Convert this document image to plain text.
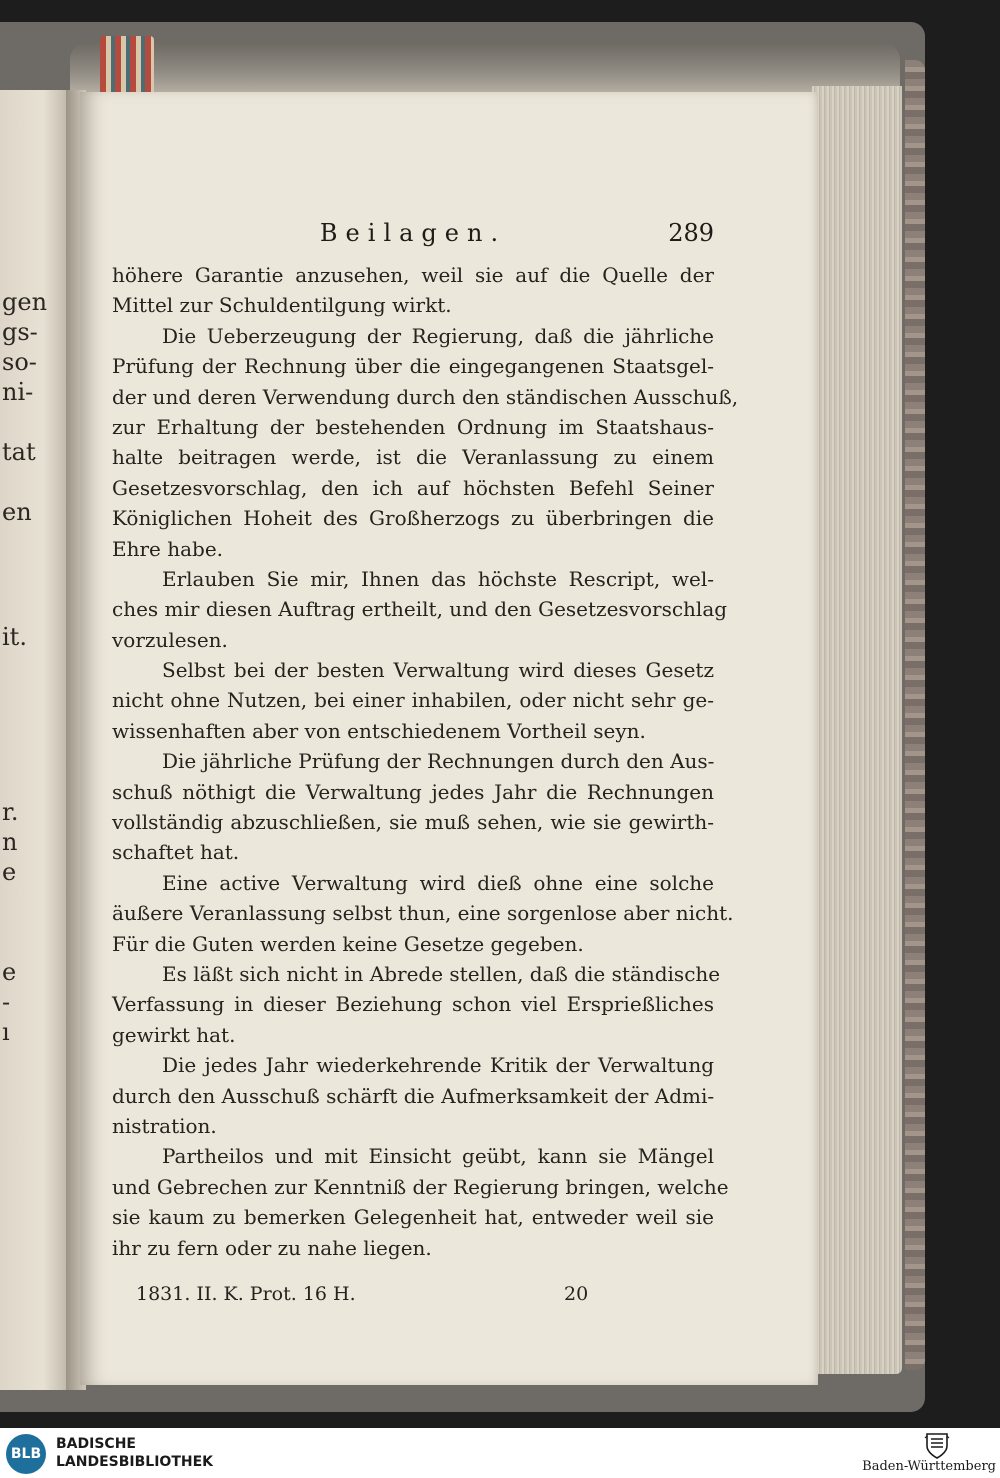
gen

gs-

so-

ni-

tat

en

it.

r.

n

e

e

-

ı

Beilagen.	289

höhere Garantie anzusehen, weil sie auf die Quelle der

Mittel zur Schuldentilgung wirkt.

Die Ueberzeugung der Regierung, daß die jährliche

Prüfung der Rechnung über die eingegangenen Staatsgel-

der und deren Verwendung durch den ständischen Ausschuß,

zur Erhaltung der bestehenden Ordnung im Staatshaus-

halte beitragen werde, ist die Veranlassung zu einem

Gesetzesvorschlag, den ich auf höchsten Befehl Seiner

Königlichen Hoheit des Großherzogs zu überbringen die

Ehre habe.

Erlauben Sie mir, Ihnen das höchste Rescript, wel-

ches mir diesen Auftrag ertheilt, und den Gesetzesvorschlag

vorzulesen.

Selbst bei der besten Verwaltung wird dieses Gesetz

nicht ohne Nutzen, bei einer inhabilen, oder nicht sehr ge-

wissenhaften aber von entschiedenem Vortheil seyn.

Die jährliche Prüfung der Rechnungen durch den Aus-

schuß nöthigt die Verwaltung jedes Jahr die Rechnungen

vollständig abzuschließen, sie muß sehen, wie sie gewirth-

schaftet hat.

Eine active Verwaltung wird dieß ohne eine solche

äußere Veranlassung selbst thun, eine sorgenlose aber nicht.

Für die Guten werden keine Gesetze gegeben.

Es läßt sich nicht in Abrede stellen, daß die ständische

Verfassung in dieser Beziehung schon viel Ersprießliches

gewirkt hat.

Die jedes Jahr wiederkehrende Kritik der Verwaltung

durch den Ausschuß schärft die Aufmerksamkeit der Admi-

nistration.

Partheilos und mit Einsicht geübt, kann sie Mängel

und Gebrechen zur Kenntniß der Regierung bringen, welche

sie kaum zu bemerken Gelegenheit hat, entweder weil sie

ihr zu fern oder zu nahe liegen.

1831. II. K. Prot. 16 H.	20
BLB

BADISCHE
LANDESBIBLIOTHEK	Baden-Württemberg
